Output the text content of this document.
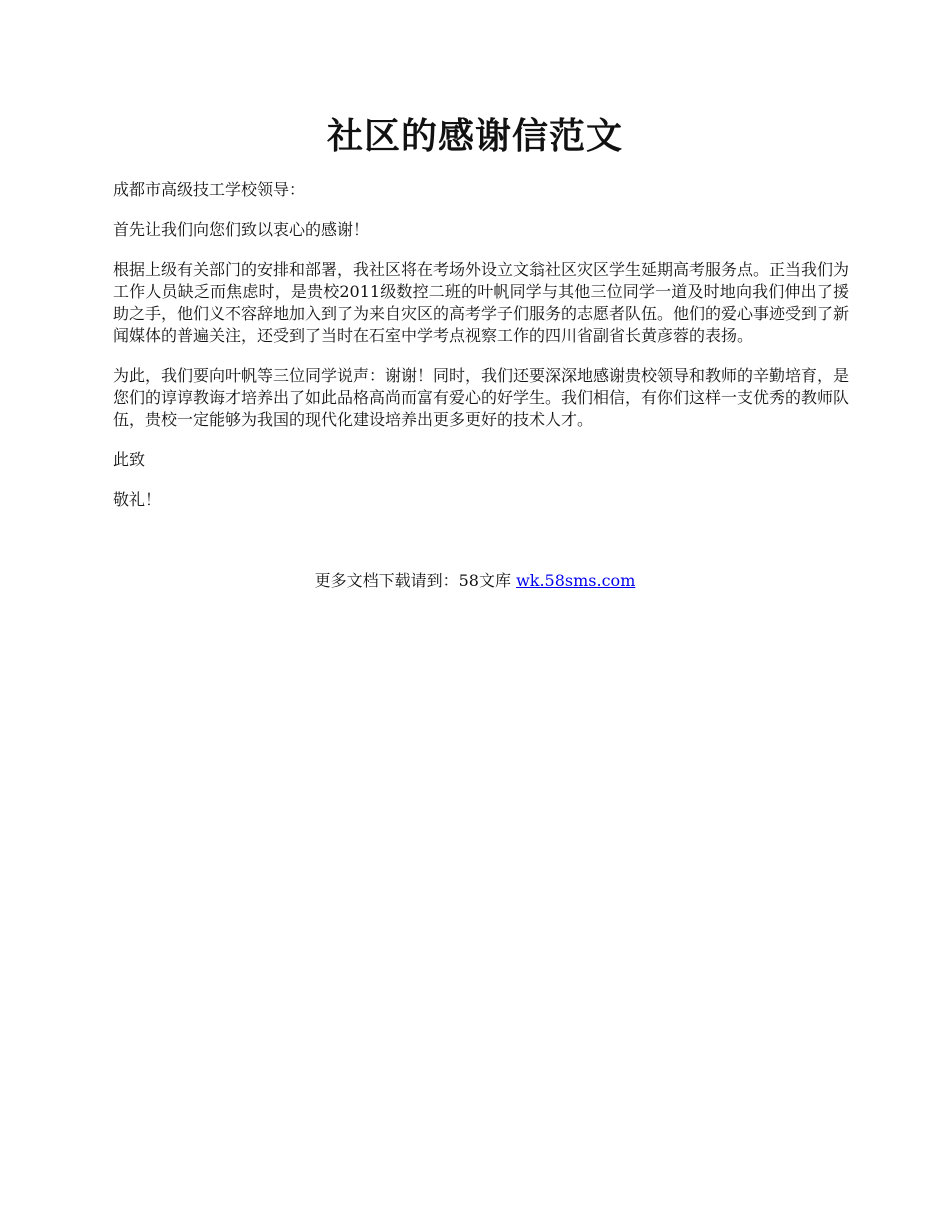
社区的感谢信范文

成都市高级技工学校领导：

首先让我们向您们致以衷心的感谢！

根据上级有关部门的安排和部署，我社区将在考场外设立文翁社区灾区学生延期高考服务点。正当我们为工作人员缺乏而焦虑时，是贵校2011级数控二班的叶帆同学与其他三位同学一道及时地向我们伸出了援助之手，他们义不容辞地加入到了为来自灾区的高考学子们服务的志愿者队伍。他们的爱心事迹受到了新闻媒体的普遍关注，还受到了当时在石室中学考点视察工作的四川省副省长黄彦蓉的表扬。

为此，我们要向叶帆等三位同学说声：谢谢！同时，我们还要深深地感谢贵校领导和教师的辛勤培育，是您们的谆谆教诲才培养出了如此品格高尚而富有爱心的好学生。我们相信，有你们这样一支优秀的教师队伍，贵校一定能够为我国的现代化建设培养出更多更好的技术人才。

此致

敬礼！

更多文档下载请到：58文库 wk.58sms.com
